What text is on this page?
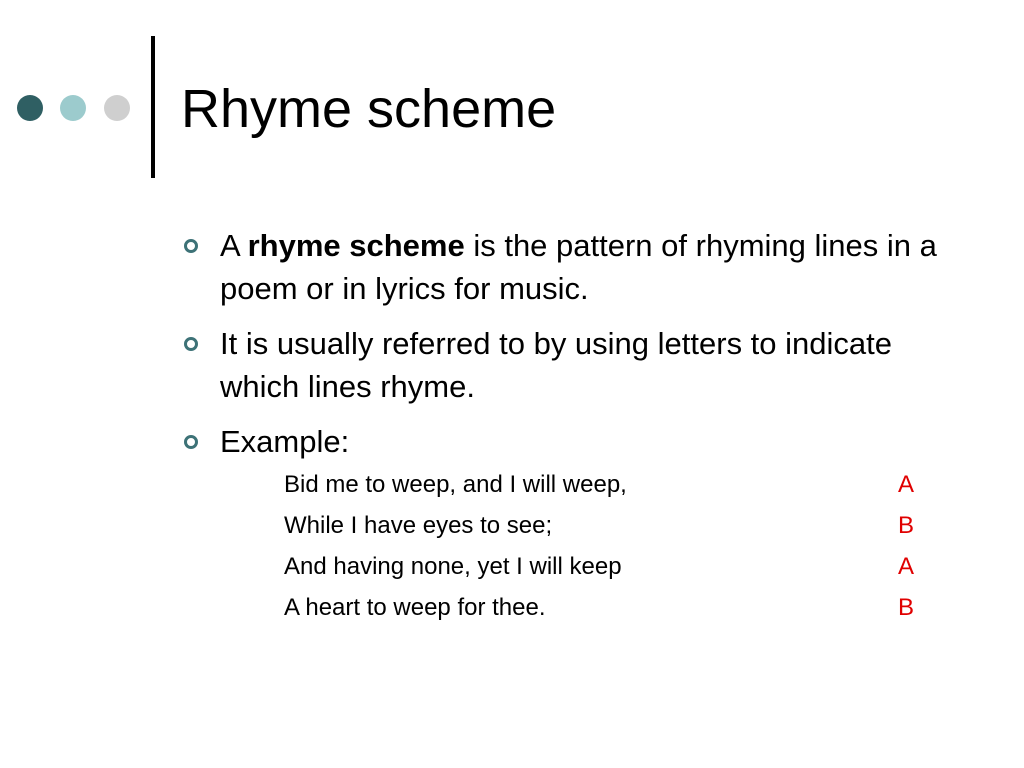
Rhyme scheme
A rhyme scheme is the pattern of rhyming lines in a poem or in lyrics for music.
It is usually referred to by using letters to indicate which lines rhyme.
Example:
Bid me to weep, and I will weep,	A
While I have eyes to see;	B
And having none, yet I will keep	A
A heart to weep for thee.	B
